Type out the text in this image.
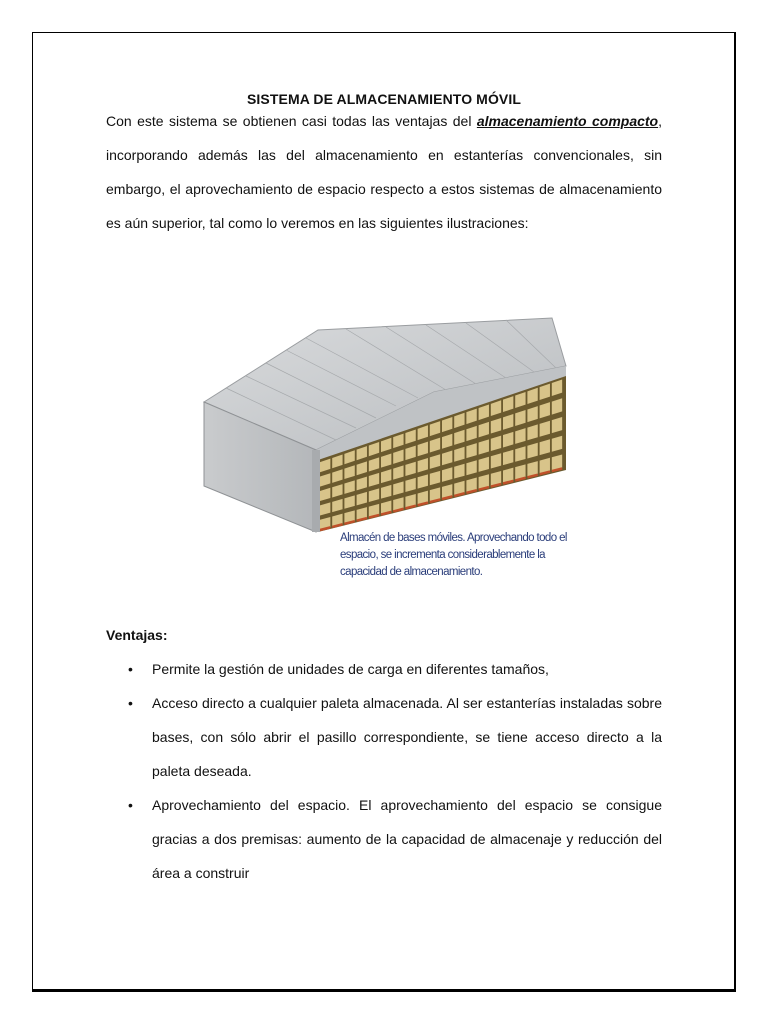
SISTEMA DE ALMACENAMIENTO MÓVIL
Con este sistema se obtienen casi todas las ventajas del almacenamiento compacto, incorporando además las del almacenamiento en estanterías convencionales, sin embargo, el aprovechamiento de espacio respecto a estos sistemas de almacenamiento es aún superior, tal como lo veremos en las siguientes ilustraciones:
Almacén de bases móviles. Aprovechando todo el espacio, se incrementa considerablemente la capacidad de almacenamiento.
Ventajas:
• Permite la gestión de unidades de carga en diferentes tamaños,
• Acceso directo a cualquier paleta almacenada. Al ser estanterías instaladas sobre bases, con sólo abrir el pasillo correspondiente, se tiene acceso directo a la paleta deseada.
• Aprovechamiento del espacio. El aprovechamiento del espacio se consigue gracias a dos premisas: aumento de la capacidad de almacenaje y reducción del área a construir
